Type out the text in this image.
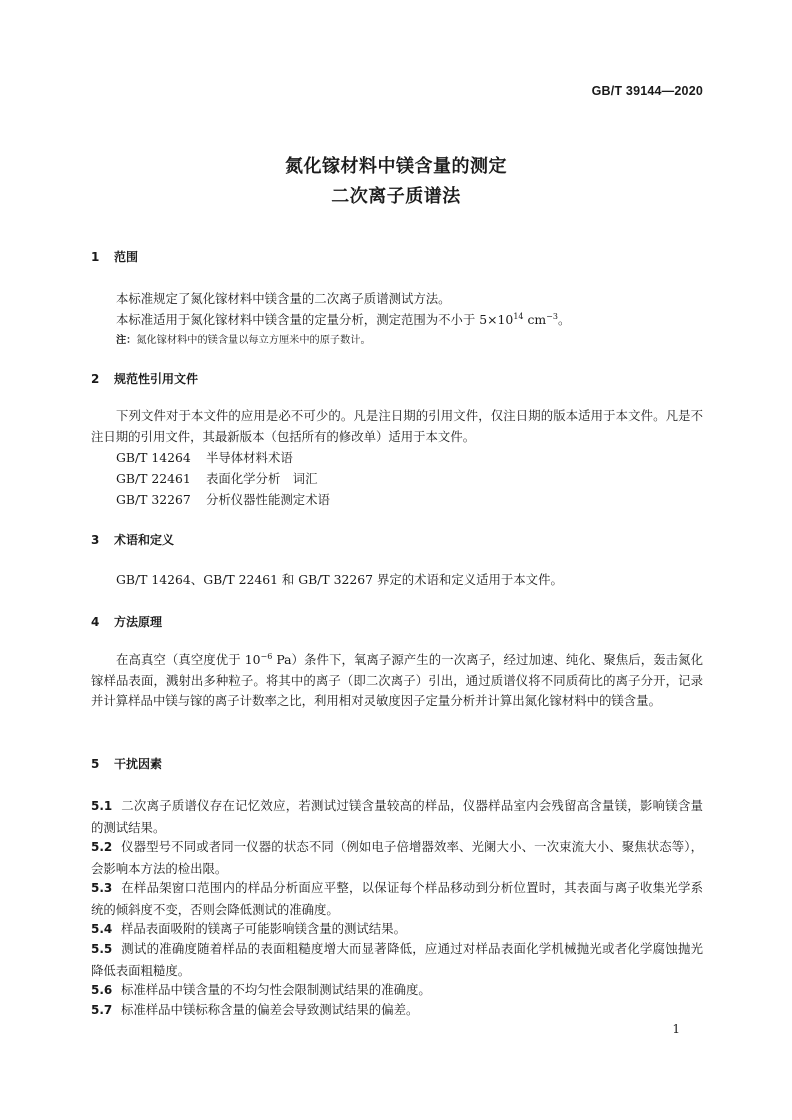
GB/T 39144—2020
氮化镓材料中镁含量的测定
二次离子质谱法
1 范围
本标准规定了氮化镓材料中镁含量的二次离子质谱测试方法。
本标准适用于氮化镓材料中镁含量的定量分析，测定范围为不小于 $5\times 10^{14}$ $cm^{-3}$。
注：氮化镓材料中的镁含量以每立方厘米中的原子数计。
2 规范性引用文件
下列文件对于本文件的应用是必不可少的。凡是注日期的引用文件，仅注日期的版本适用于本文件。凡是不注日期的引用文件，其最新版本（包括所有的修改单）适用于本文件。
GB/T 14264 半导体材料术语
GB/T 22461 表面化学分析　词汇
GB/T 32267 分析仪器性能测定术语
3 术语和定义
GB/T 14264、GB/T 22461 和 GB/T 32267 界定的术语和定义适用于本文件。
4 方法原理
在高真空（真空度优于 $10^{-6}$ Pa）条件下，氧离子源产生的一次离子，经过加速、纯化、聚焦后，轰击氮化镓样品表面，溅射出多种粒子。将其中的离子（即二次离子）引出，通过质谱仪将不同质荷比的离子分开，记录并计算样品中镁与镓的离子计数率之比，利用相对灵敏度因子定量分析并计算出氮化镓材料中的镁含量。
5 干扰因素
5.1 二次离子质谱仪存在记忆效应，若测试过镁含量较高的样品，仪器样品室内会残留高含量镁，影响镁含量的测试结果。
5.2 仪器型号不同或者同一仪器的状态不同（例如电子倍增器效率、光阑大小、一次束流大小、聚焦状态等），会影响本方法的检出限。
5.3 在样品架窗口范围内的样品分析面应平整，以保证每个样品移动到分析位置时，其表面与离子收集光学系统的倾斜度不变，否则会降低测试的准确度。
5.4 样品表面吸附的镁离子可能影响镁含量的测试结果。
5.5 测试的准确度随着样品的表面粗糙度增大而显著降低，应通过对样品表面化学机械抛光或者化学腐蚀抛光降低表面粗糙度。
5.6 标准样品中镁含量的不均匀性会限制测试结果的准确度。
5.7 标准样品中镁标称含量的偏差会导致测试结果的偏差。
1
